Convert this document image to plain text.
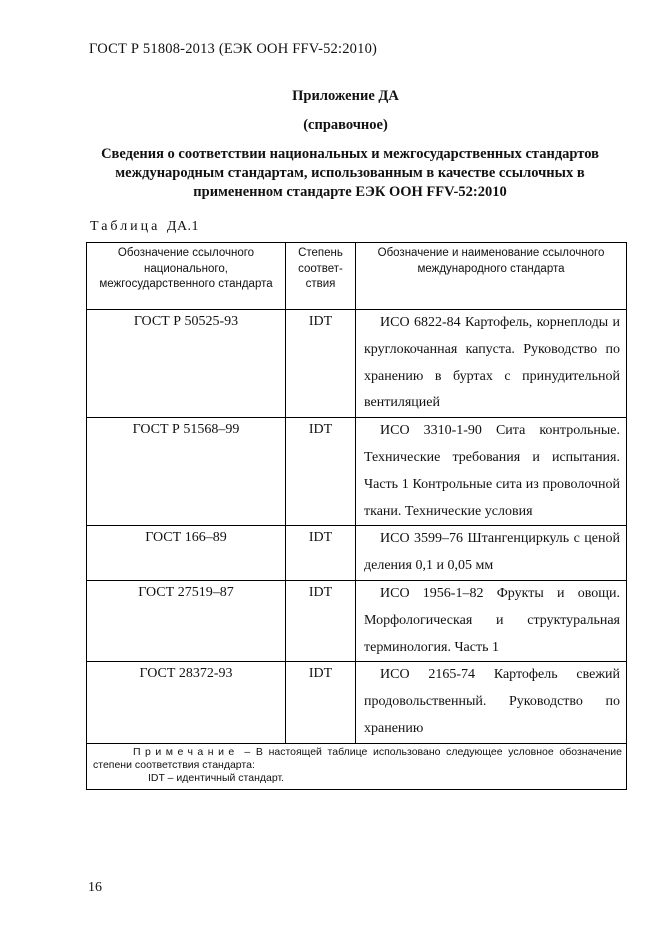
ГОСТ Р 51808-2013 (ЕЭК ООН FFV-52:2010)
Приложение ДА
(справочное)
Сведения о соответствии национальных и межгосударственных стандартов международным стандартам, использованным в качестве ссылочных в примененном стандарте ЕЭК ООН FFV-52:2010
Таблица ДА.1
Обозначение ссылочного национального, межгосударственного стандарта	Степень соответ-ствия	Обозначение и наименование ссылочного международного стандарта
ГОСТ Р 50525-93	IDT	ИСО 6822-84 Картофель, корнеплоды и круглокочанная капуста. Руководство по хранению в буртах с принудительной вентиляцией

ГОСТ Р 51568–99	IDT	ИСО 3310-1-90 Сита контрольные. Технические требования и испытания. Часть 1 Контрольные сита из проволочной ткани. Технические условия

ГОСТ 166–89	IDT	ИСО 3599–76 Штангенциркуль с ценой деления 0,1 и 0,05 мм

ГОСТ 27519–87	IDT	ИСО 1956-1–82 Фрукты и овощи. Морфологическая и структуральная терминология. Часть 1

ГОСТ 28372-93	IDT	ИСО 2165-74 Картофель свежий продовольственный. Руководство по хранению

Примечание – В настоящей таблице использовано следующее условное обозначение степени соответствия стандарта:
IDT – идентичный стандарт.		
16
